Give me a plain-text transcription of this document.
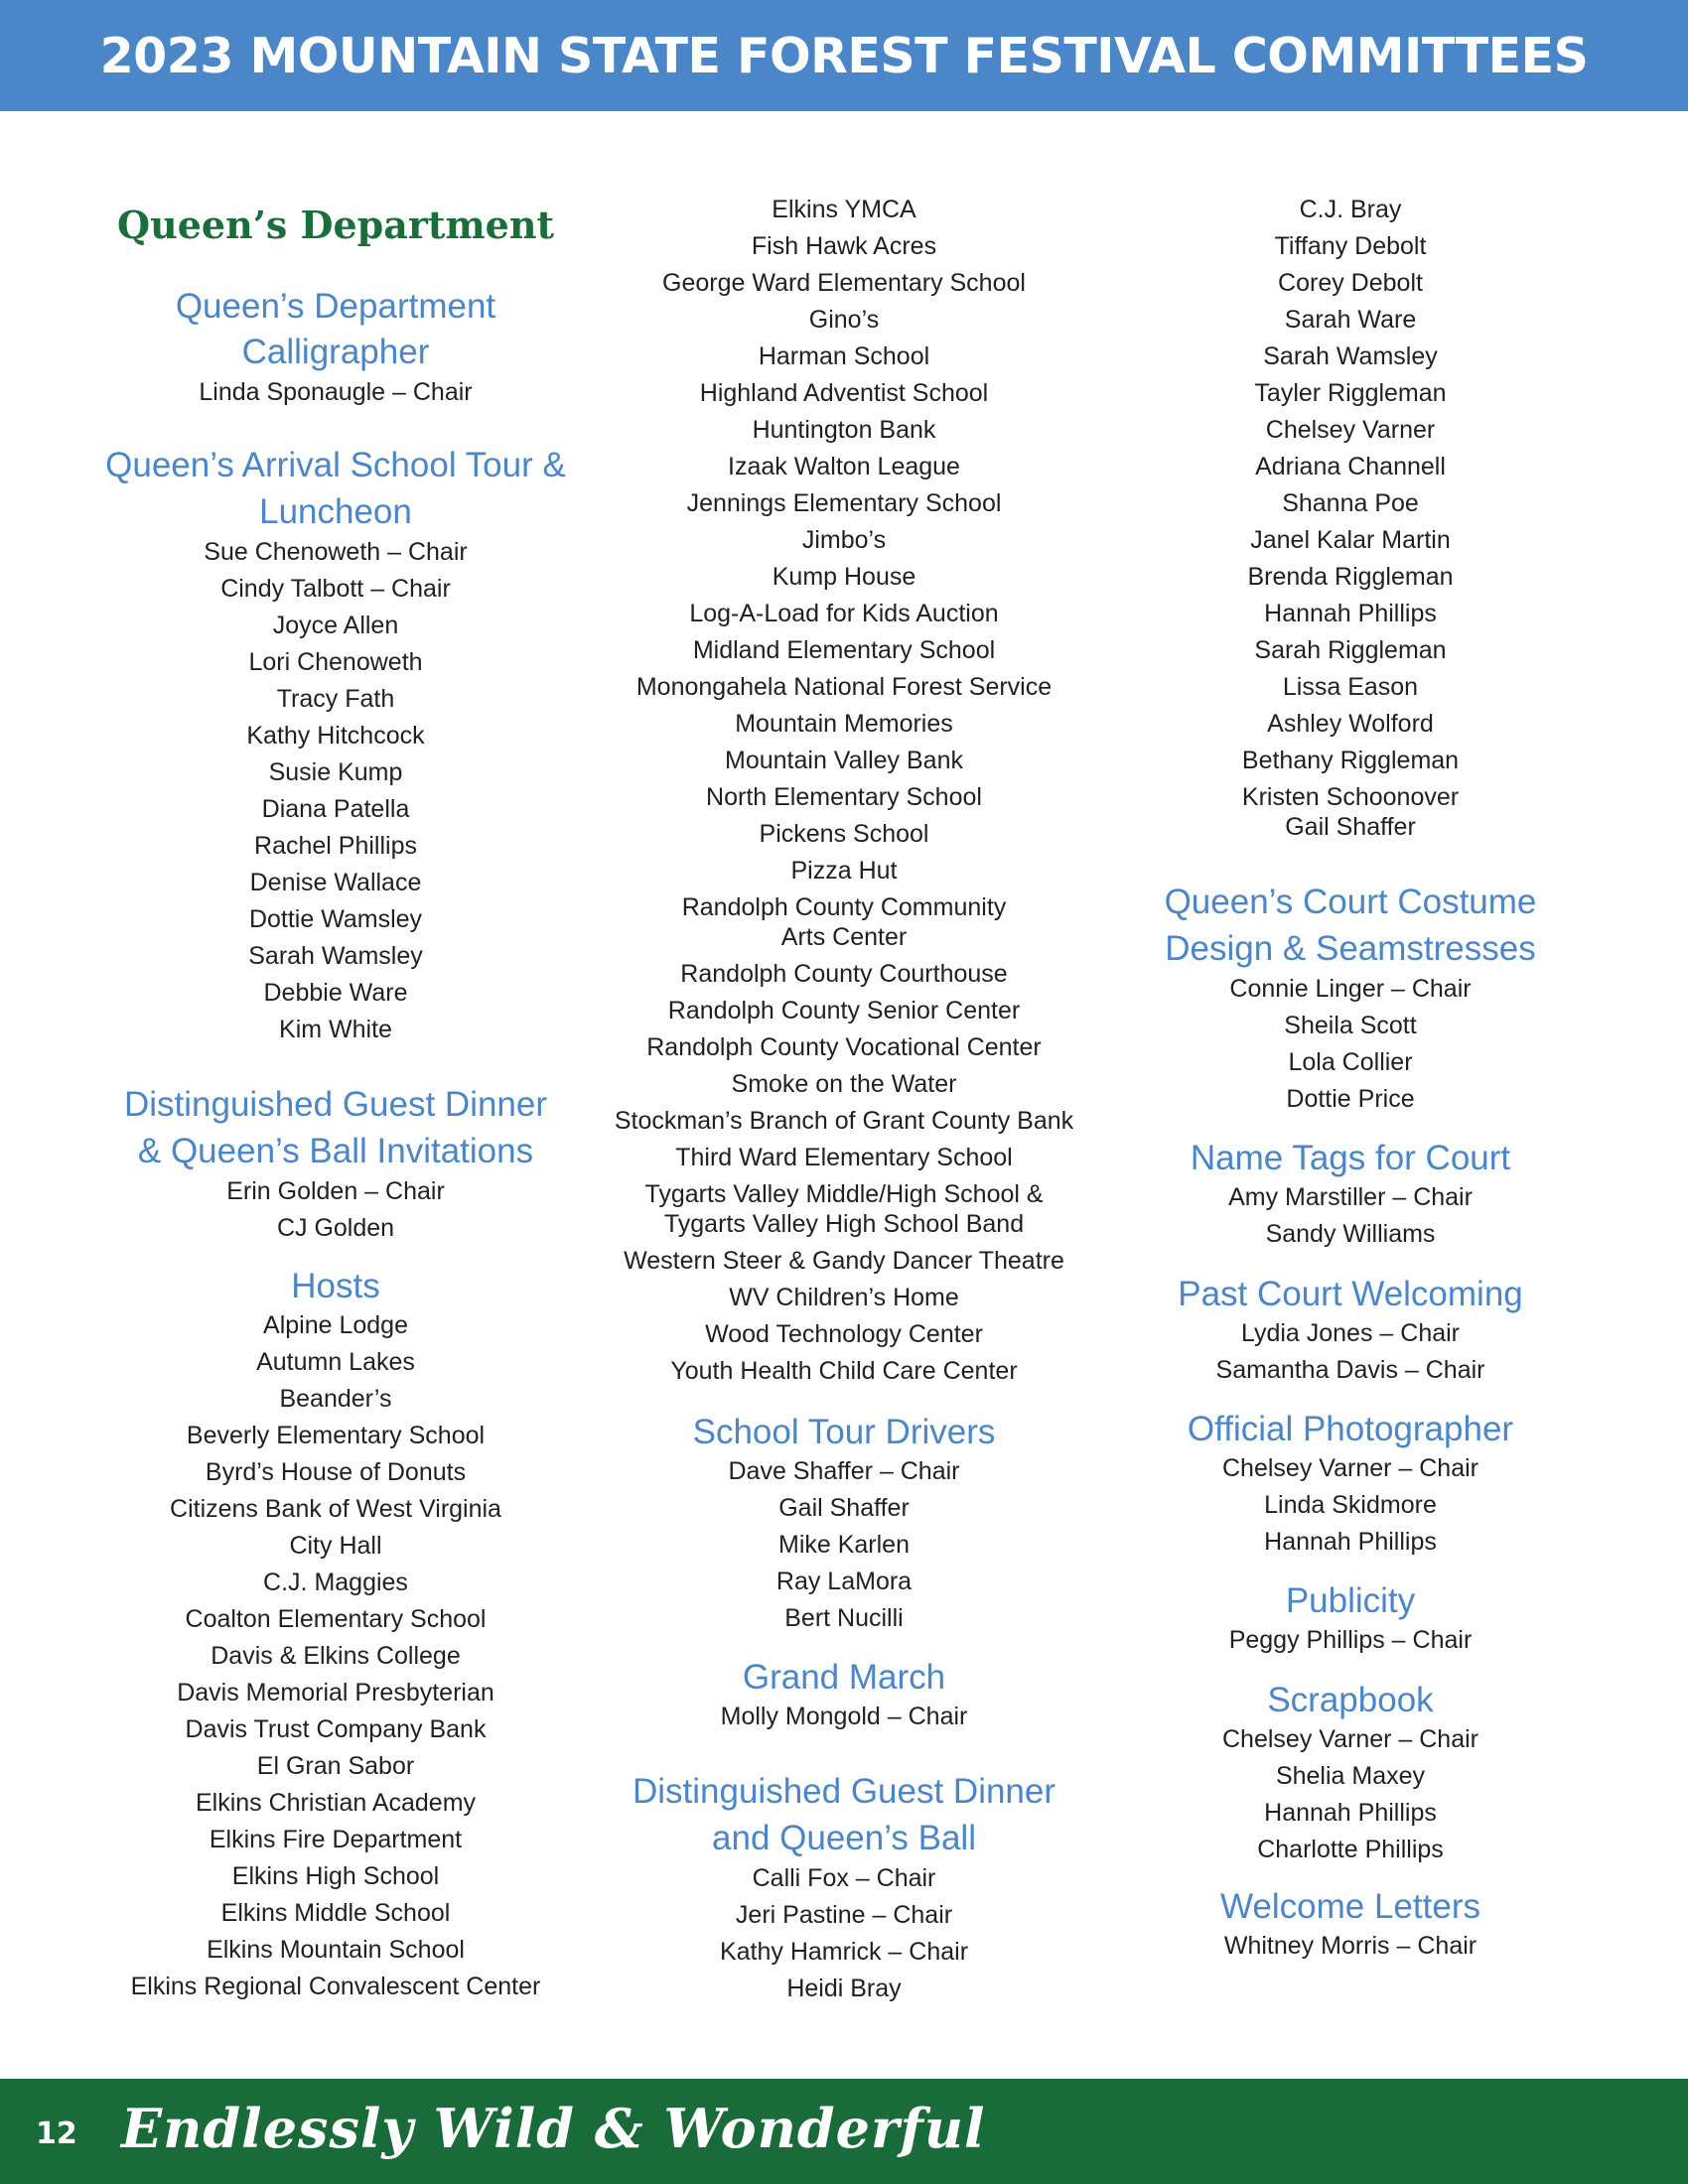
2023 MOUNTAIN STATE FOREST FESTIVAL COMMITTEES
Queen’s Department
Queen’s Department
Calligrapher
Linda Sponaugle – Chair
Queen’s Arrival School Tour &
Luncheon
Sue Chenoweth – Chair
Cindy Talbott – Chair
Joyce Allen
Lori Chenoweth
Tracy Fath
Kathy Hitchcock
Susie Kump
Diana Patella
Rachel Phillips
Denise Wallace
Dottie Wamsley
Sarah Wamsley
Debbie Ware
Kim White
Distinguished Guest Dinner
& Queen’s Ball Invitations
Erin Golden – Chair
CJ Golden
Hosts
Alpine Lodge
Autumn Lakes
Beander’s
Beverly Elementary School
Byrd’s House of Donuts
Citizens Bank of West Virginia
City Hall
C.J. Maggies
Coalton Elementary School
Davis & Elkins College
Davis Memorial Presbyterian
Davis Trust Company Bank
El Gran Sabor
Elkins Christian Academy
Elkins Fire Department
Elkins High School
Elkins Middle School
Elkins Mountain School
Elkins Regional Convalescent Center
Elkins YMCA
Fish Hawk Acres
George Ward Elementary School
Gino’s
Harman School
Highland Adventist School
Huntington Bank
Izaak Walton League
Jennings Elementary School
Jimbo’s
Kump House
Log-A-Load for Kids Auction
Midland Elementary School
Monongahela National Forest Service
Mountain Memories
Mountain Valley Bank
North Elementary School
Pickens School
Pizza Hut
Randolph County Community
Arts Center
Randolph County Courthouse
Randolph County Senior Center
Randolph County Vocational Center
Smoke on the Water
Stockman’s Branch of Grant County Bank
Third Ward Elementary School
Tygarts Valley Middle/High School &
Tygarts Valley High School Band
Western Steer & Gandy Dancer Theatre
WV Children’s Home
Wood Technology Center
Youth Health Child Care Center
School Tour Drivers
Dave Shaffer – Chair
Gail Shaffer
Mike Karlen
Ray LaMora
Bert Nucilli
Grand March
Molly Mongold – Chair
Distinguished Guest Dinner
and Queen’s Ball
Calli Fox – Chair
Jeri Pastine – Chair
Kathy Hamrick – Chair
Heidi Bray
C.J. Bray
Tiffany Debolt
Corey Debolt
Sarah Ware
Sarah Wamsley
Tayler Riggleman
Chelsey Varner
Adriana Channell
Shanna Poe
Janel Kalar Martin
Brenda Riggleman
Hannah Phillips
Sarah Riggleman
Lissa Eason
Ashley Wolford
Bethany Riggleman
Kristen Schoonover
Gail Shaffer
Queen’s Court Costume
Design & Seamstresses
Connie Linger – Chair
Sheila Scott
Lola Collier
Dottie Price
Name Tags for Court
Amy Marstiller – Chair
Sandy Williams
Past Court Welcoming
Lydia Jones – Chair
Samantha Davis – Chair
Official Photographer
Chelsey Varner – Chair
Linda Skidmore
Hannah Phillips
Publicity
Peggy Phillips – Chair
Scrapbook
Chelsey Varner – Chair
Shelia Maxey
Hannah Phillips
Charlotte Phillips
Welcome Letters
Whitney Morris – Chair
12 Endlessly Wild & Wonderful
